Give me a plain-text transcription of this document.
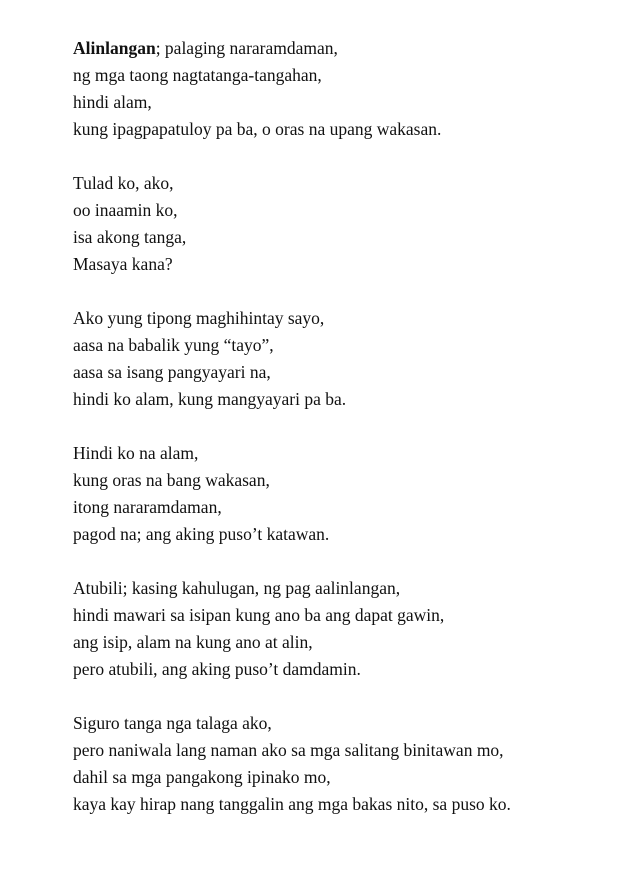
Alinlangan; palaging nararamdaman,

ng mga taong nagtatanga-tangahan,

hindi alam,

kung ipagpapatuloy pa ba, o oras na upang wakasan.

Tulad ko, ako,

oo inaamin ko,

isa akong tanga,

Masaya kana?

Ako yung tipong maghihintay sayo,

aasa na babalik yung “tayo”,

aasa sa isang pangyayari na,

hindi ko alam, kung mangyayari pa ba.

Hindi ko na alam,

kung oras na bang wakasan,

itong nararamdaman,

pagod na; ang aking puso’t katawan.

Atubili; kasing kahulugan, ng pag aalinlangan,

hindi mawari sa isipan kung ano ba ang dapat gawin,

ang isip, alam na kung ano at alin,

pero atubili, ang aking puso’t damdamin.

Siguro tanga nga talaga ako,

pero naniwala lang naman ako sa mga salitang binitawan mo,

dahil sa mga pangakong ipinako mo,

kaya kay hirap nang tanggalin ang mga bakas nito, sa puso ko.
